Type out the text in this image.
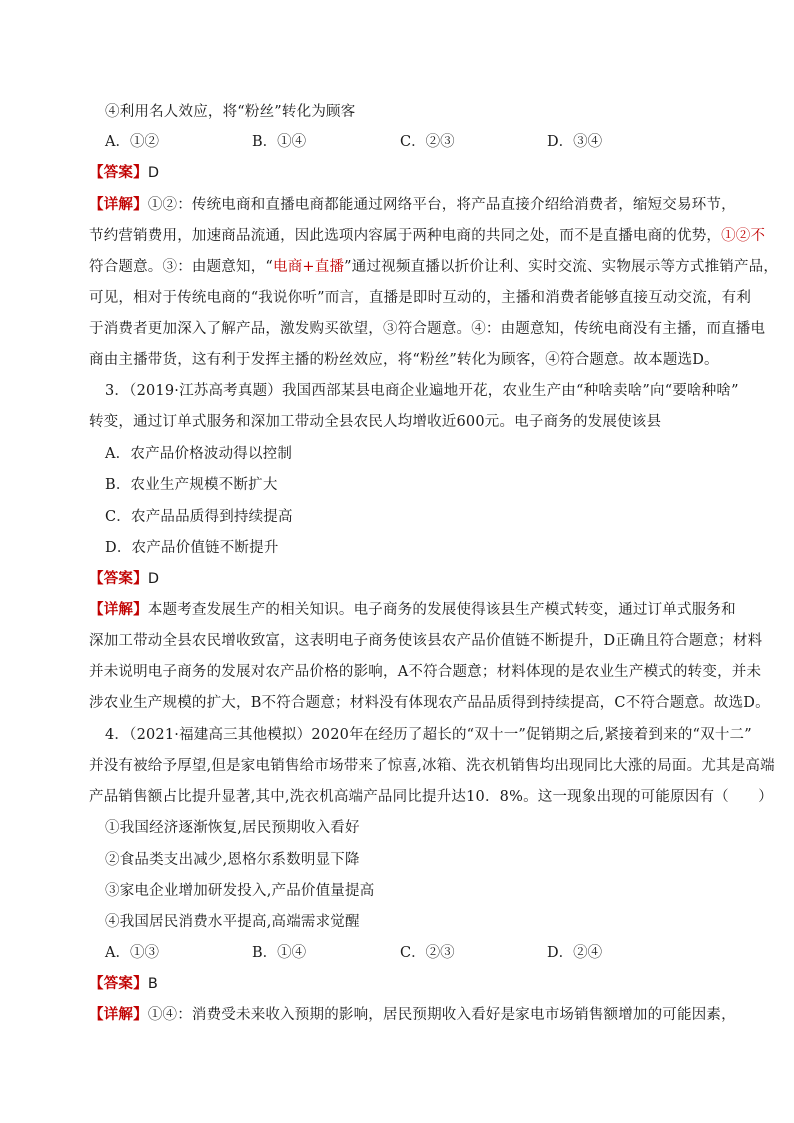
④利用名人效应，将“粉丝”转化为顾客
A．①②	B．①④	C．②③	D．③④
【答案】D
【详解】①②：传统电商和直播电商都能通过网络平台，将产品直接介绍给消费者，缩短交易环节，
节约营销费用，加速商品流通，因此选项内容属于两种电商的共同之处，而不是直播电商的优势，①②不
符合题意。③：由题意知，“电商+直播”通过视频直播以折价让利、实时交流、实物展示等方式推销产品，
可见，相对于传统电商的“我说你听”而言，直播是即时互动的，主播和消费者能够直接互动交流，有利
于消费者更加深入了解产品，激发购买欲望，③符合题意。④：由题意知，传统电商没有主播，而直播电
商由主播带货，这有利于发挥主播的粉丝效应，将“粉丝”转化为顾客，④符合题意。故本题选D。
3．（2019·江苏高考真题）我国西部某县电商企业遍地开花，农业生产由“种啥卖啥”向“要啥种啥”
转变，通过订单式服务和深加工带动全县农民人均增收近600元。电子商务的发展使该县
A．农产品价格波动得以控制
B．农业生产规模不断扩大
C．农产品品质得到持续提高
D．农产品价值链不断提升
【答案】D
【详解】本题考查发展生产的相关知识。电子商务的发展使得该县生产模式转变，通过订单式服务和
深加工带动全县农民增收致富，这表明电子商务使该县农产品价值链不断提升，D正确且符合题意；材料
并未说明电子商务的发展对农产品价格的影响，A不符合题意；材料体现的是农业生产模式的转变，并未
涉农业生产规模的扩大，B不符合题意；材料没有体现农产品品质得到持续提高，C不符合题意。故选D。
4．（2021·福建高三其他模拟）2020年在经历了超长的“双十一”促销期之后,紧接着到来的“双十二”
并没有被给予厚望,但是家电销售给市场带来了惊喜,冰箱、洗衣机销售均出现同比大涨的局面。尤其是高端
产品销售额占比提升显著,其中,洗衣机高端产品同比提升达10．8%。这一现象出现的可能原因有（　　）
①我国经济逐渐恢复,居民预期收入看好
②食品类支出减少,恩格尔系数明显下降
③家电企业增加研发投入,产品价值量提高
④我国居民消费水平提高,高端需求觉醒
A．①③	B．①④	C．②③	D．②④
【答案】B
【详解】①④：消费受未来收入预期的影响，居民预期收入看好是家电市场销售额增加的可能因素，
